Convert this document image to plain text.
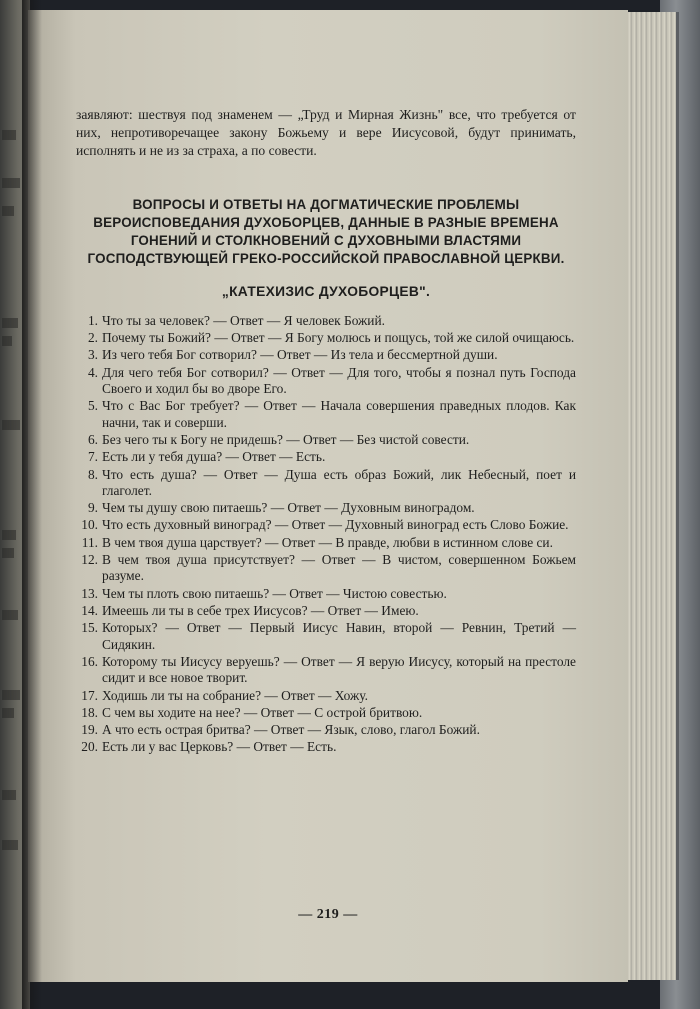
заявляют: шествуя под знаменем — „Труд и Мирная Жизнь" все, что требуется от них, непротиворечащее закону Божьему и вере Иисусовой, будут принимать, исполнять и не из за страха, а по совести.

ВОПРОСЫ И ОТВЕТЫ НА ДОГМАТИЧЕСКИЕ ПРОБЛЕМЫ ВЕРОИСПОВЕДАНИЯ ДУХОБОРЦЕВ, ДАННЫЕ В РАЗНЫЕ ВРЕМЕНА ГОНЕНИЙ И СТОЛКНОВЕНИЙ С ДУХОВНЫМИ ВЛАСТЯМИ ГОСПОДСТВУЮЩЕЙ ГРЕКО-РОССИЙСКОЙ ПРАВОСЛАВНОЙ ЦЕРКВИ.
„КАТЕХИЗИС ДУХОБОРЦЕВ".
1. Что ты за человек? — Ответ — Я человек Божий.
2. Почему ты Божий? — Ответ — Я Богу молюсь и пощусь, той же силой очищаюсь.
3. Из чего тебя Бог сотворил? — Ответ — Из тела и бессмертной души.
4. Для чего тебя Бог сотворил? — Ответ — Для того, чтобы я познал путь Господа Своего и ходил бы во дворе Его.
5. Что с Вас Бог требует? — Ответ — Начала совершения праведных плодов. Как начни, так и соверши.
6. Без чего ты к Богу не придешь? — Ответ — Без чистой совести.
7. Есть ли у тебя душа? — Ответ — Есть.
8. Что есть душа? — Ответ — Душа есть образ Божий, лик Небесный, поет и глаголет.
9. Чем ты душу свою питаешь? — Ответ — Духовным виноградом.
10. Что есть духовный виноград? — Ответ — Духовный виноград есть Слово Божие.
11. В чем твоя душа царствует? — Ответ — В правде, любви в истинном слове си.
12. В чем твоя душа присутствует? — Ответ — В чистом, совершенном Божьем разуме.
13. Чем ты плоть свою питаешь? — Ответ — Чистою совестью.
14. Имеешь ли ты в себе трех Иисусов? — Ответ — Имею.
15. Которых? — Ответ — Первый Иисус Навин, второй — Ревнин, Третий — Сидякин.
16. Которому ты Иисусу веруешь? — Ответ — Я верую Иисусу, который на престоле сидит и все новое творит.
17. Ходишь ли ты на собрание? — Ответ — Хожу.
18. С чем вы ходите на нее? — Ответ — С острой бритвою.
19. А что есть острая бритва? — Ответ — Язык, слово, глагол Божий.
20. Есть ли у вас Церковь? — Ответ — Есть.
— 219 —
